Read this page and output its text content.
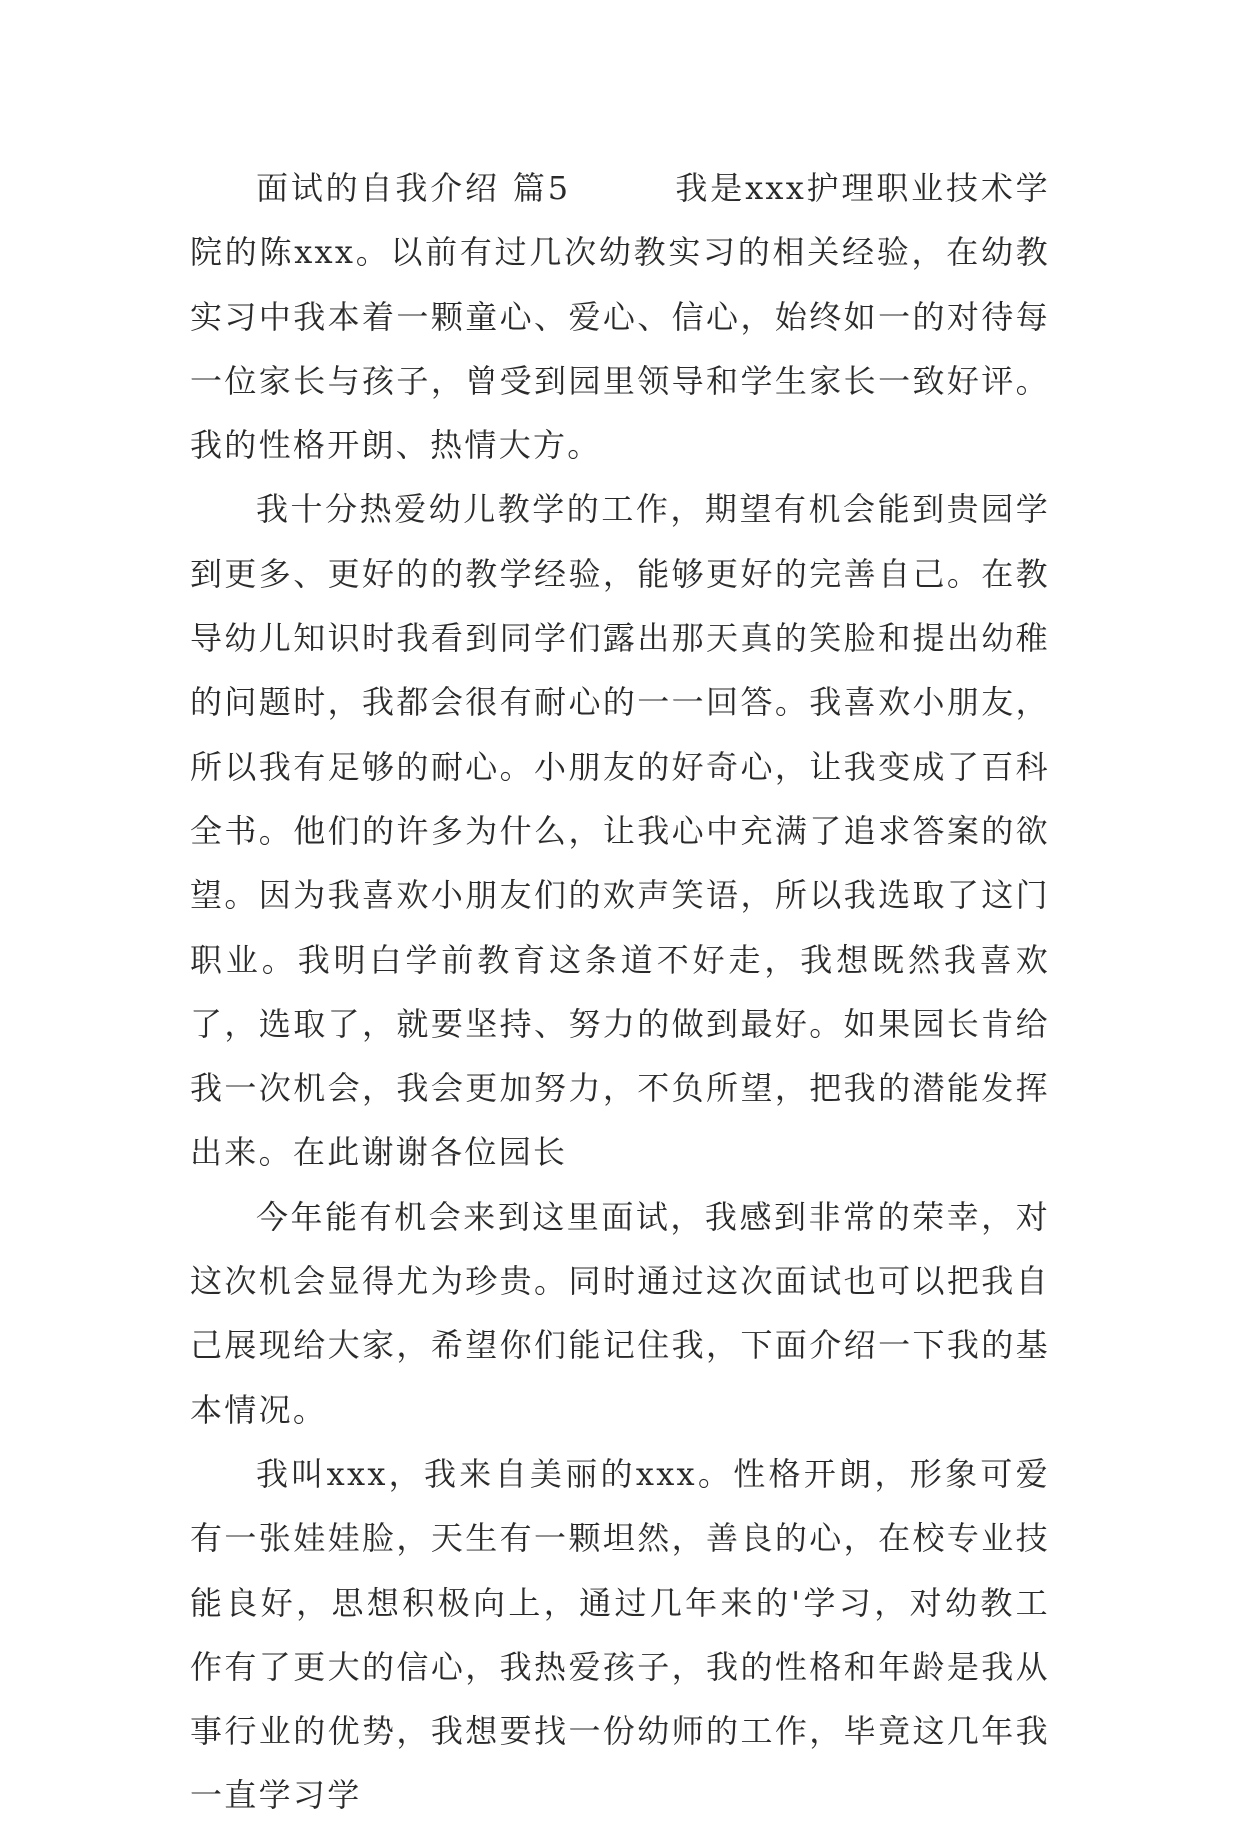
面试的自我介绍 篇5　　　我是xxx护理职业技术学院的陈xxx。以前有过几次幼教实习的相关经验，在幼教实习中我本着一颗童心、爱心、信心，始终如一的对待每一位家长与孩子，曾受到园里领导和学生家长一致好评。我的性格开朗、热情大方。

我十分热爱幼儿教学的工作，期望有机会能到贵园学到更多、更好的的教学经验，能够更好的完善自己。在教导幼儿知识时我看到同学们露出那天真的笑脸和提出幼稚的问题时，我都会很有耐心的一一回答。我喜欢小朋友，所以我有足够的耐心。小朋友的好奇心，让我变成了百科全书。他们的许多为什么，让我心中充满了追求答案的欲望。因为我喜欢小朋友们的欢声笑语，所以我选取了这门职业。我明白学前教育这条道不好走，我想既然我喜欢了，选取了，就要坚持、努力的做到最好。如果园长肯给我一次机会，我会更加努力，不负所望，把我的潜能发挥出来。在此谢谢各位园长

今年能有机会来到这里面试，我感到非常的荣幸，对这次机会显得尤为珍贵。同时通过这次面试也可以把我自己展现给大家，希望你们能记住我，下面介绍一下我的基本情况。

我叫xxx，我来自美丽的xxx。性格开朗，形象可爱有一张娃娃脸，天生有一颗坦然，善良的心，在校专业技能良好，思想积极向上，通过几年来的'学习，对幼教工作有了更大的信心，我热爱孩子，我的性格和年龄是我从事行业的优势，我想要找一份幼师的工作，毕竟这几年我一直学习学
